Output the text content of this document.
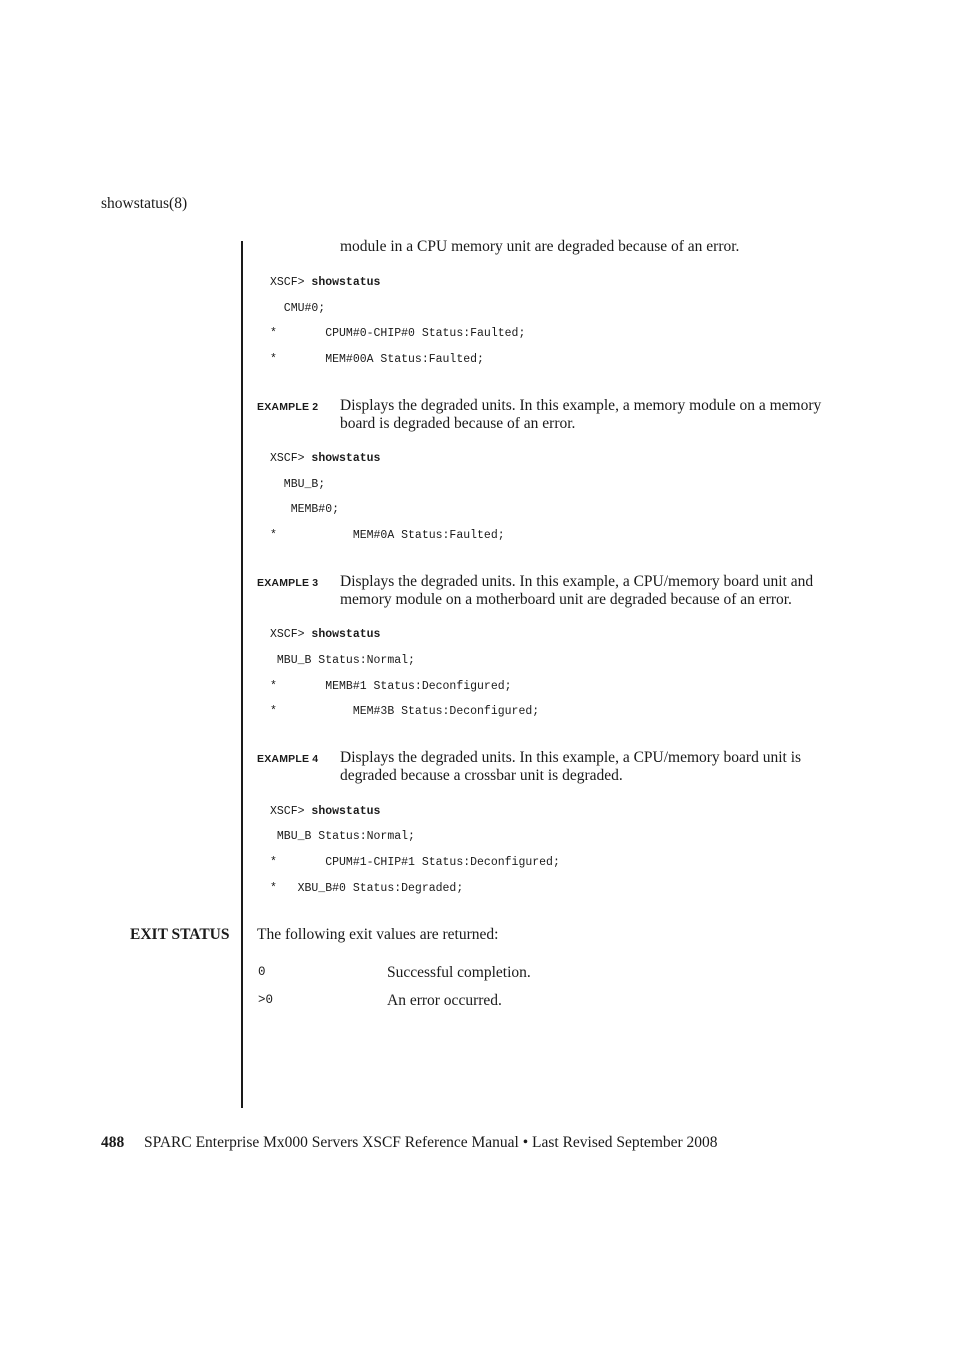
showstatus(8)
module in a CPU memory unit are degraded because of an error.
XSCF> showstatus
CMU#0;
*       CPUM#0-CHIP#0 Status:Faulted;
*       MEM#00A Status:Faulted;
EXAMPLE 2 Displays the degraded units. In this example, a memory module on a memory board is degraded because of an error.
XSCF> showstatus
MBU_B;
MEMB#0;
*           MEM#0A Status:Faulted;
EXAMPLE 3 Displays the degraded units. In this example, a CPU/memory board unit and memory module on a motherboard unit are degraded because of an error.
XSCF> showstatus
MBU_B Status:Normal;
*       MEMB#1 Status:Deconfigured;
*           MEM#3B Status:Deconfigured;
EXAMPLE 4 Displays the degraded units. In this example, a CPU/memory board unit is degraded because a crossbar unit is degraded.
XSCF> showstatus
MBU_B Status:Normal;
*       CPUM#1-CHIP#1 Status:Deconfigured;
*   XBU_B#0 Status:Degraded;
EXIT STATUS The following exit values are returned:
0	Successful completion.
>0	An error occurred.
488 SPARC Enterprise Mx000 Servers XSCF Reference Manual • Last Revised September 2008
